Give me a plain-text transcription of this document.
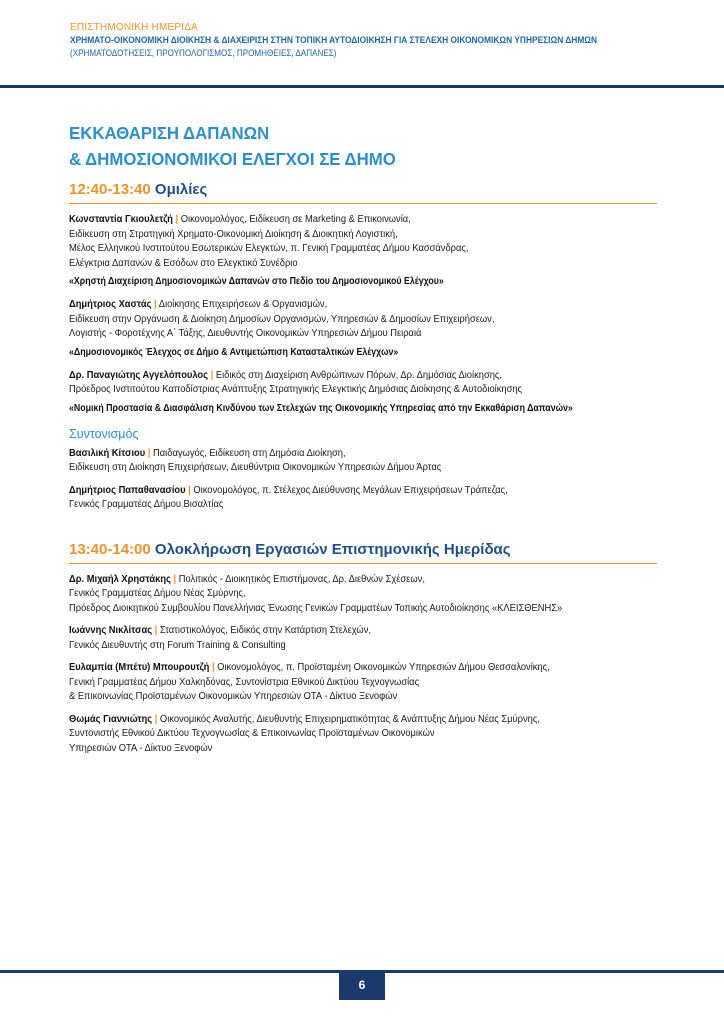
ΕΠΙΣΤΗΜΟΝΙΚΗ ΗΜΕΡΙΔΑ
ΧΡΗΜΑΤΟ-ΟΙΚΟΝΟΜΙΚΗ ΔΙΟΙΚΗΣΗ & ΔΙΑΧΕΙΡΙΣΗ ΣΤΗΝ ΤΟΠΙΚΗ ΑΥΤΟΔΙΟΙΚΗΣΗ ΓΙΑ ΣΤΕΛΕΧΗ ΟΙΚΟΝΟΜΙΚΩΝ ΥΠΗΡΕΣΙΩΝ ΔΗΜΩΝ
(ΧΡΗΜΑΤΟΔΟΤΗΣΕΙΣ, ΠΡΟΥΠΟΛΟΓΙΣΜΟΣ, ΠΡΟΜΗΘΕΙΕΣ, ΔΑΠΑΝΕΣ)
ΕΚΚΑΘΑΡΙΣΗ ΔΑΠΑΝΩΝ
& ΔΗΜΟΣΙΟΝΟΜΙΚΟΙ ΕΛΕΓΧΟΙ ΣΕ ΔΗΜΟ
12:40-13:40 Ομιλίες
Κωνσταντία Γκιουλετζή | Οικονομολόγος, Ειδίκευση σε Marketing & Επικοινωνία,
Ειδίκευση στη Στρατηγική Χρηματο-Οικονομική Διοίκηση & Διοικητική Λογιστική,
Μέλος Ελληνικού Ινστιτούτου Εσωτερικών Ελεγκτών, π. Γενική Γραμματέας Δήμου Κασσάνδρας,
Ελέγκτρια Δαπανών & Εσόδων στο Ελεγκτικό Συνέδριο
«Χρηστή Διαχείριση Δημοσιονομικών Δαπανών στο Πεδίο του Δημοσιονομικού Ελέγχου»
Δημήτριος Χαστάς | Διοίκησης Επιχειρήσεων & Οργανισμών,
Ειδίκευση στην Οργάνωση & Διοίκηση Δημοσίων Οργανισμών, Υπηρεσιών & Δημοσίων Επιχειρήσεων,
Λογιστής - Φοροτέχνης Α΄ Τάξης, Διευθυντής Οικονομικών Υπηρεσιών Δήμου Πειραιά
«Δημοσιονομικός Έλεγχος σε Δήμο & Αντιμετώπιση Καταστaλτικών Ελέγχων»
Δρ. Παναγιώτης Αγγελόπουλος | Ειδικός στη Διαχείριση Ανθρώπινων Πόρων, Δρ. Δημόσιας Διοίκησης,
Πρόεδρος Ινστιτούτου Καποδίστριας Ανάπτυξης Στρατηγικής Ελεγκτικής Δημόσιας Διοίκησης & Αυτοδιοίκησης
«Νομική Προστασία & Διασφάλιση Κινδύνου των Στελεχών της Οικονομικής Υπηρεσίας από την Εκκαθάριση Δαπανών»
Συντονισμός
Βασιλική Κίτσιου | Παιδαγωγός, Ειδίκευση στη Δημόσια Διοίκηση,
Ειδίκευση στη Διοίκηση Επιχειρήσεων, Διευθύντρια Οικονομικών Υπηρεσιών Δήμου Άρτας
Δημήτριος Παπαθανασίου | Οικονομολόγος, π. Στέλεχος Διεύθυνσης Μεγάλων Επιχειρήσεων Τράπεζας,
Γενικός Γραμματέας Δήμου Βισαλτίας
13:40-14:00 Ολοκλήρωση Εργασιών Επιστημονικής Ημερίδας
Δρ. Μιχαήλ Χρηστάκης | Πολιτικός - Διοικητικός Επιστήμονας, Δρ. Διεθνών Σχέσεων,
Γενικός Γραμματέας Δήμου Νέας Σμύρνης,
Πρόεδρος Διοικητικού Συμβουλίου Πανελλήνιας Ένωσης Γενικών Γραμματέων Τοπικής Αυτοδιοίκησης «ΚΛΕΙΣΘΕΝΗΣ»
Ιωάννης Νικλίτσας | Στατιστικολόγος, Ειδικός στην Κατάρτιση Στελεχών,
Γενικός Διευθυντής στη Forum Training & Consulting
Ευλαμπία (Μπέτυ) Μπουρουτζή | Οικονομολόγος, π. Προϊσταμένη Οικονομικών Υπηρεσιών Δήμου Θεσσαλονίκης,
Γενική Γραμματέας Δήμου Χαλκηδόνας, Συντονίστρια Εθνικού Δικτύου Τεχνογνωσίας
& Επικοινωνίας Προϊσταμένων Οικονομικών Υπηρεσιών ΟΤΑ - Δίκτυο Ξενοφών
Θωμάς Γιαννιώτης | Οικονομικός Αναλυτής, Διευθυντής Επιχειρηματικότητας & Ανάπτυξης Δήμου Νέας Σμύρνης,
Συντονιστής Εθνικού Δικτύου Τεχνογνωσίας & Επικοινωνίας Προϊσταμένων Οικονομικών
Υπηρεσιών ΟΤΑ - Δίκτυο Ξενοφών
6
